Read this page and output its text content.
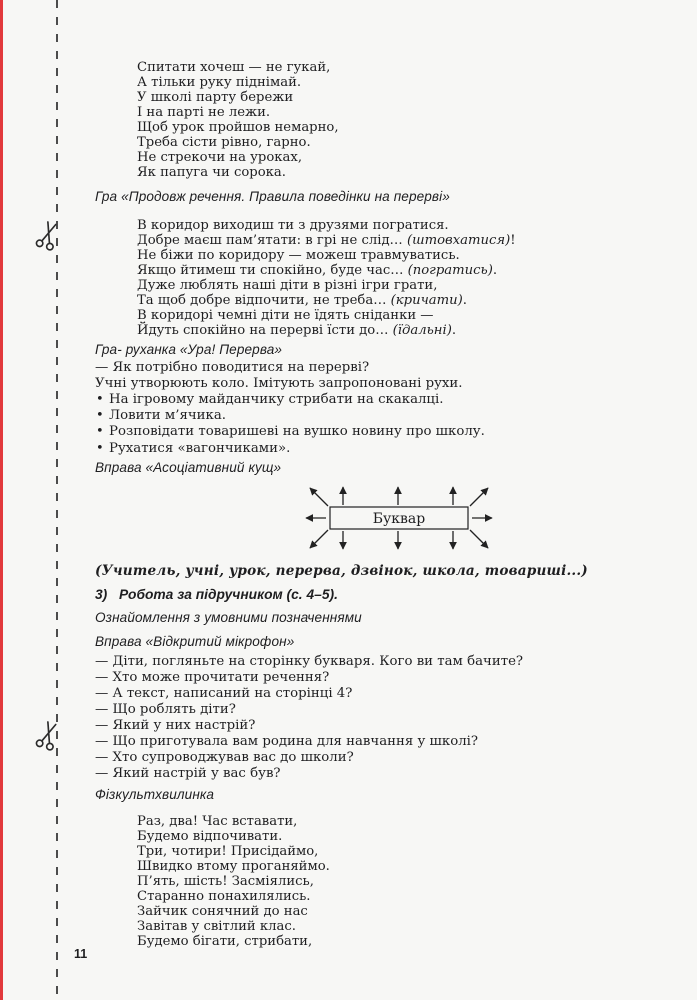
Спитати хочеш — не гукай,
А тільки руку піднімай.
У школі парту бережи
І на парті не лежи.
Щоб урок пройшов немарно,
Треба сісти рівно, гарно.
Не стрекочи на уроках,
Як папуга чи сорока.
Гра «Продовж речення. Правила поведінки на перерві»
В коридор виходиш ти з друзями погратися.
Добре маєш пам’ятати: в грі не слід… (штовхатися)!
Не біжи по коридору — можеш травмуватись.
Якщо йтимеш ти спокійно, буде час… (погратись).
Дуже люблять наші діти в різні ігри грати,
Та щоб добре відпочити, не треба… (кричати).
В коридорі чемні діти не їдять сніданки —
Йдуть спокійно на перерві їсти до… (їдальні).
Гра- руханка «Ура! Перерва»
— Як потрібно поводитися на перерві?
Учні утворюють коло. Імітують запропоновані рухи.
• На ігровому майданчику стрибати на скакалці.
• Ловити м’ячика.
• Розповідати товаришеві на вушко новину про школу.
• Рухатися «вагончиками».
Вправа «Асоціативний кущ»
Буквар
(Учитель, учні, урок, перерва, дзвінок, школа, товариші...)
3) Робота за підручником (с. 4–5).
Ознайомлення з умовними позначеннями
Вправа «Відкритий мікрофон»
— Діти, погляньте на сторінку букваря. Кого ви там бачите?
— Хто може прочитати речення?
— А текст, написаний на сторінці 4?
— Що роблять діти?
— Який у них настрій?
— Що приготувала вам родина для навчання у школі?
— Хто супроводжував вас до школи?
— Який настрій у вас був?
Фізкультхвилинка
Раз, два! Час вставати,
Будемо відпочивати.
Три, чотири! Присідаймо,
Швидко втому проганяймо.
П’ять, шість! Засміялись,
Старанно понахилялись.
Зайчик сонячний до нас
Завітав у світлий клас.
Будемо бігати, стрибати,
11
